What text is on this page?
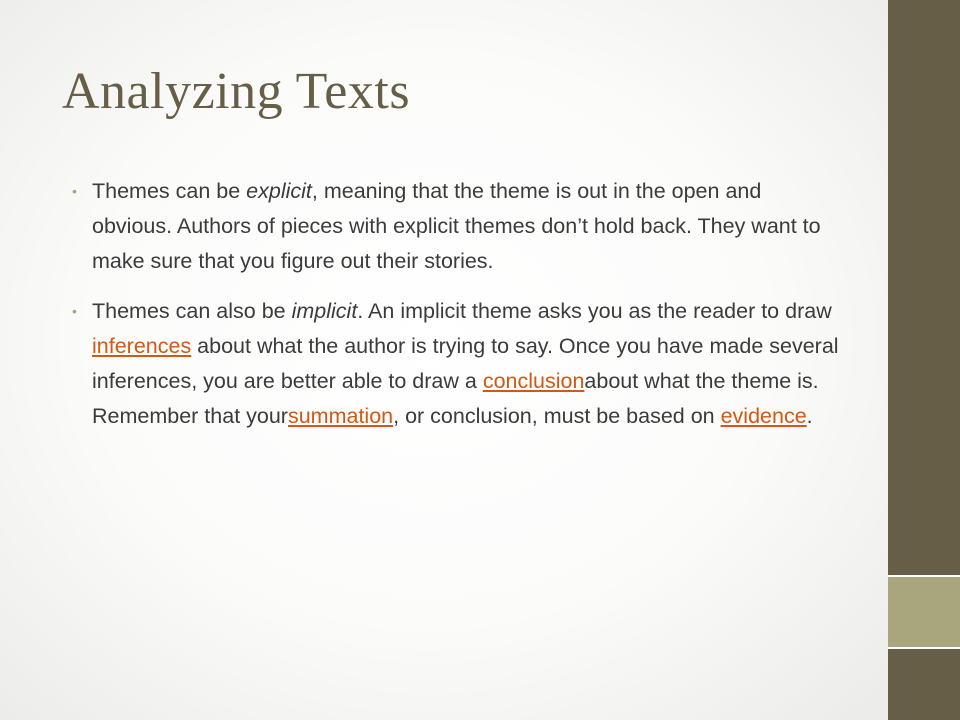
Analyzing Texts
• Themes can be explicit, meaning that the theme is out in the open and obvious. Authors of pieces with explicit themes don’t hold back. They want to make sure that you figure out their stories.
• Themes can also be implicit. An implicit theme asks you as the reader to draw inferences about what the author is trying to say. Once you have made several inferences, you are better able to draw a conclusionabout what the theme is. Remember that yoursummation, or conclusion, must be based on evidence.
